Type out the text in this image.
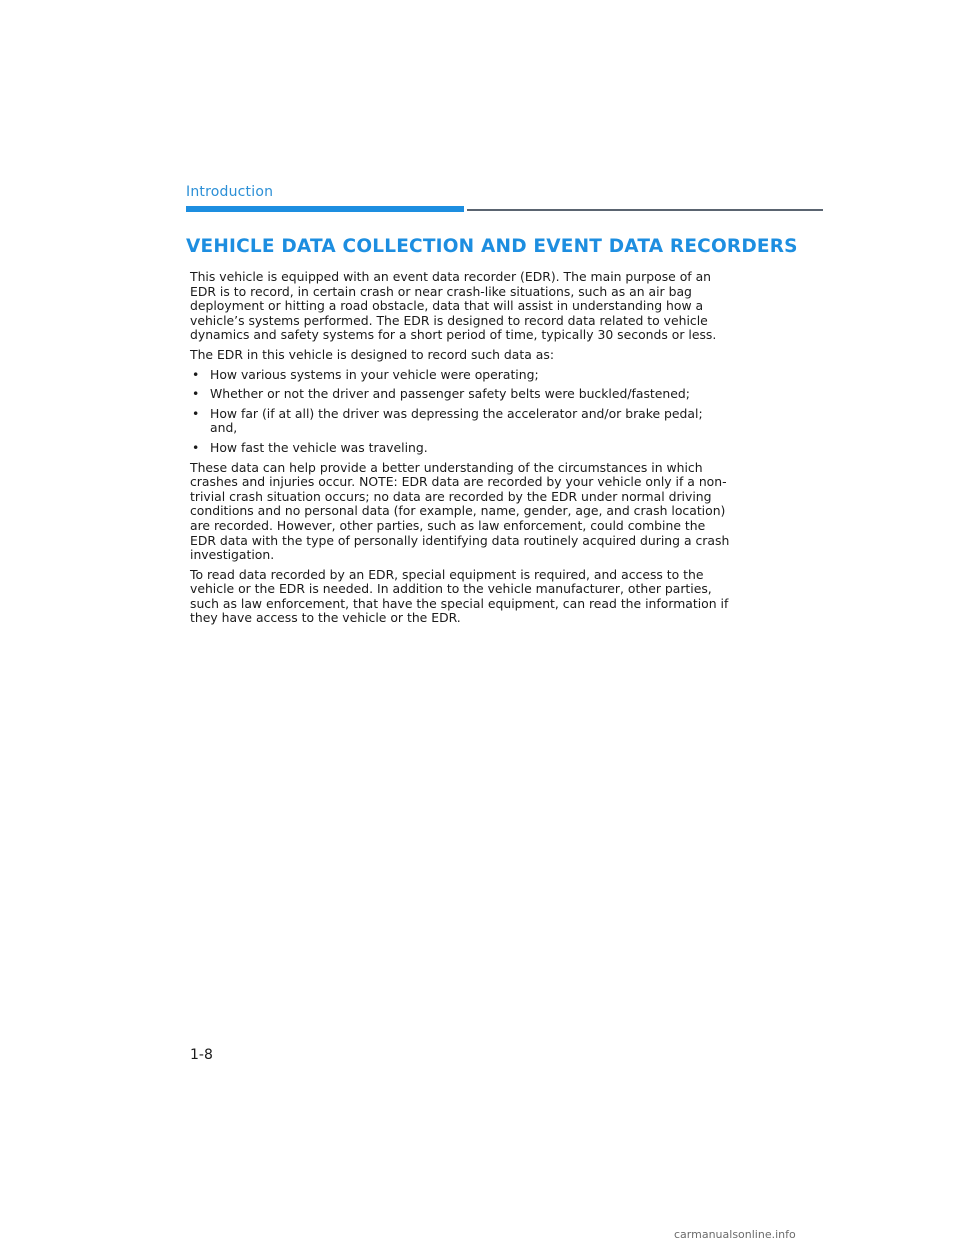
Introduction
VEHICLE DATA COLLECTION AND EVENT DATA RECORDERS

This vehicle is equipped with an event data recorder (EDR). The main purpose of an EDR is to record, in certain crash or near crash-like situations, such as an air bag deployment or hitting a road obstacle, data that will assist in understanding how a vehicle’s systems performed. The EDR is designed to record data related to vehicle dynamics and safety systems for a short period of time, typically 30 seconds or less.

The EDR in this vehicle is designed to record such data as:

• How various systems in your vehicle were operating;
• Whether or not the driver and passenger safety belts were buckled/fastened;
• How far (if at all) the driver was depressing the accelerator and/or brake pedal; and,
• How fast the vehicle was traveling.

These data can help provide a better understanding of the circumstances in which crashes and injuries occur. NOTE: EDR data are recorded by your vehicle only if a non-trivial crash situation occurs; no data are recorded by the EDR under normal driving conditions and no personal data (for example, name, gender, age, and crash location) are recorded. However, other parties, such as law enforcement, could combine the EDR data with the type of personally identifying data routinely acquired during a crash investigation.

To read data recorded by an EDR, special equipment is required, and access to the vehicle or the EDR is needed. In addition to the vehicle manufacturer, other parties, such as law enforcement, that have the special equipment, can read the information if they have access to the vehicle or the EDR.

1-8
carmanualsonline.info
